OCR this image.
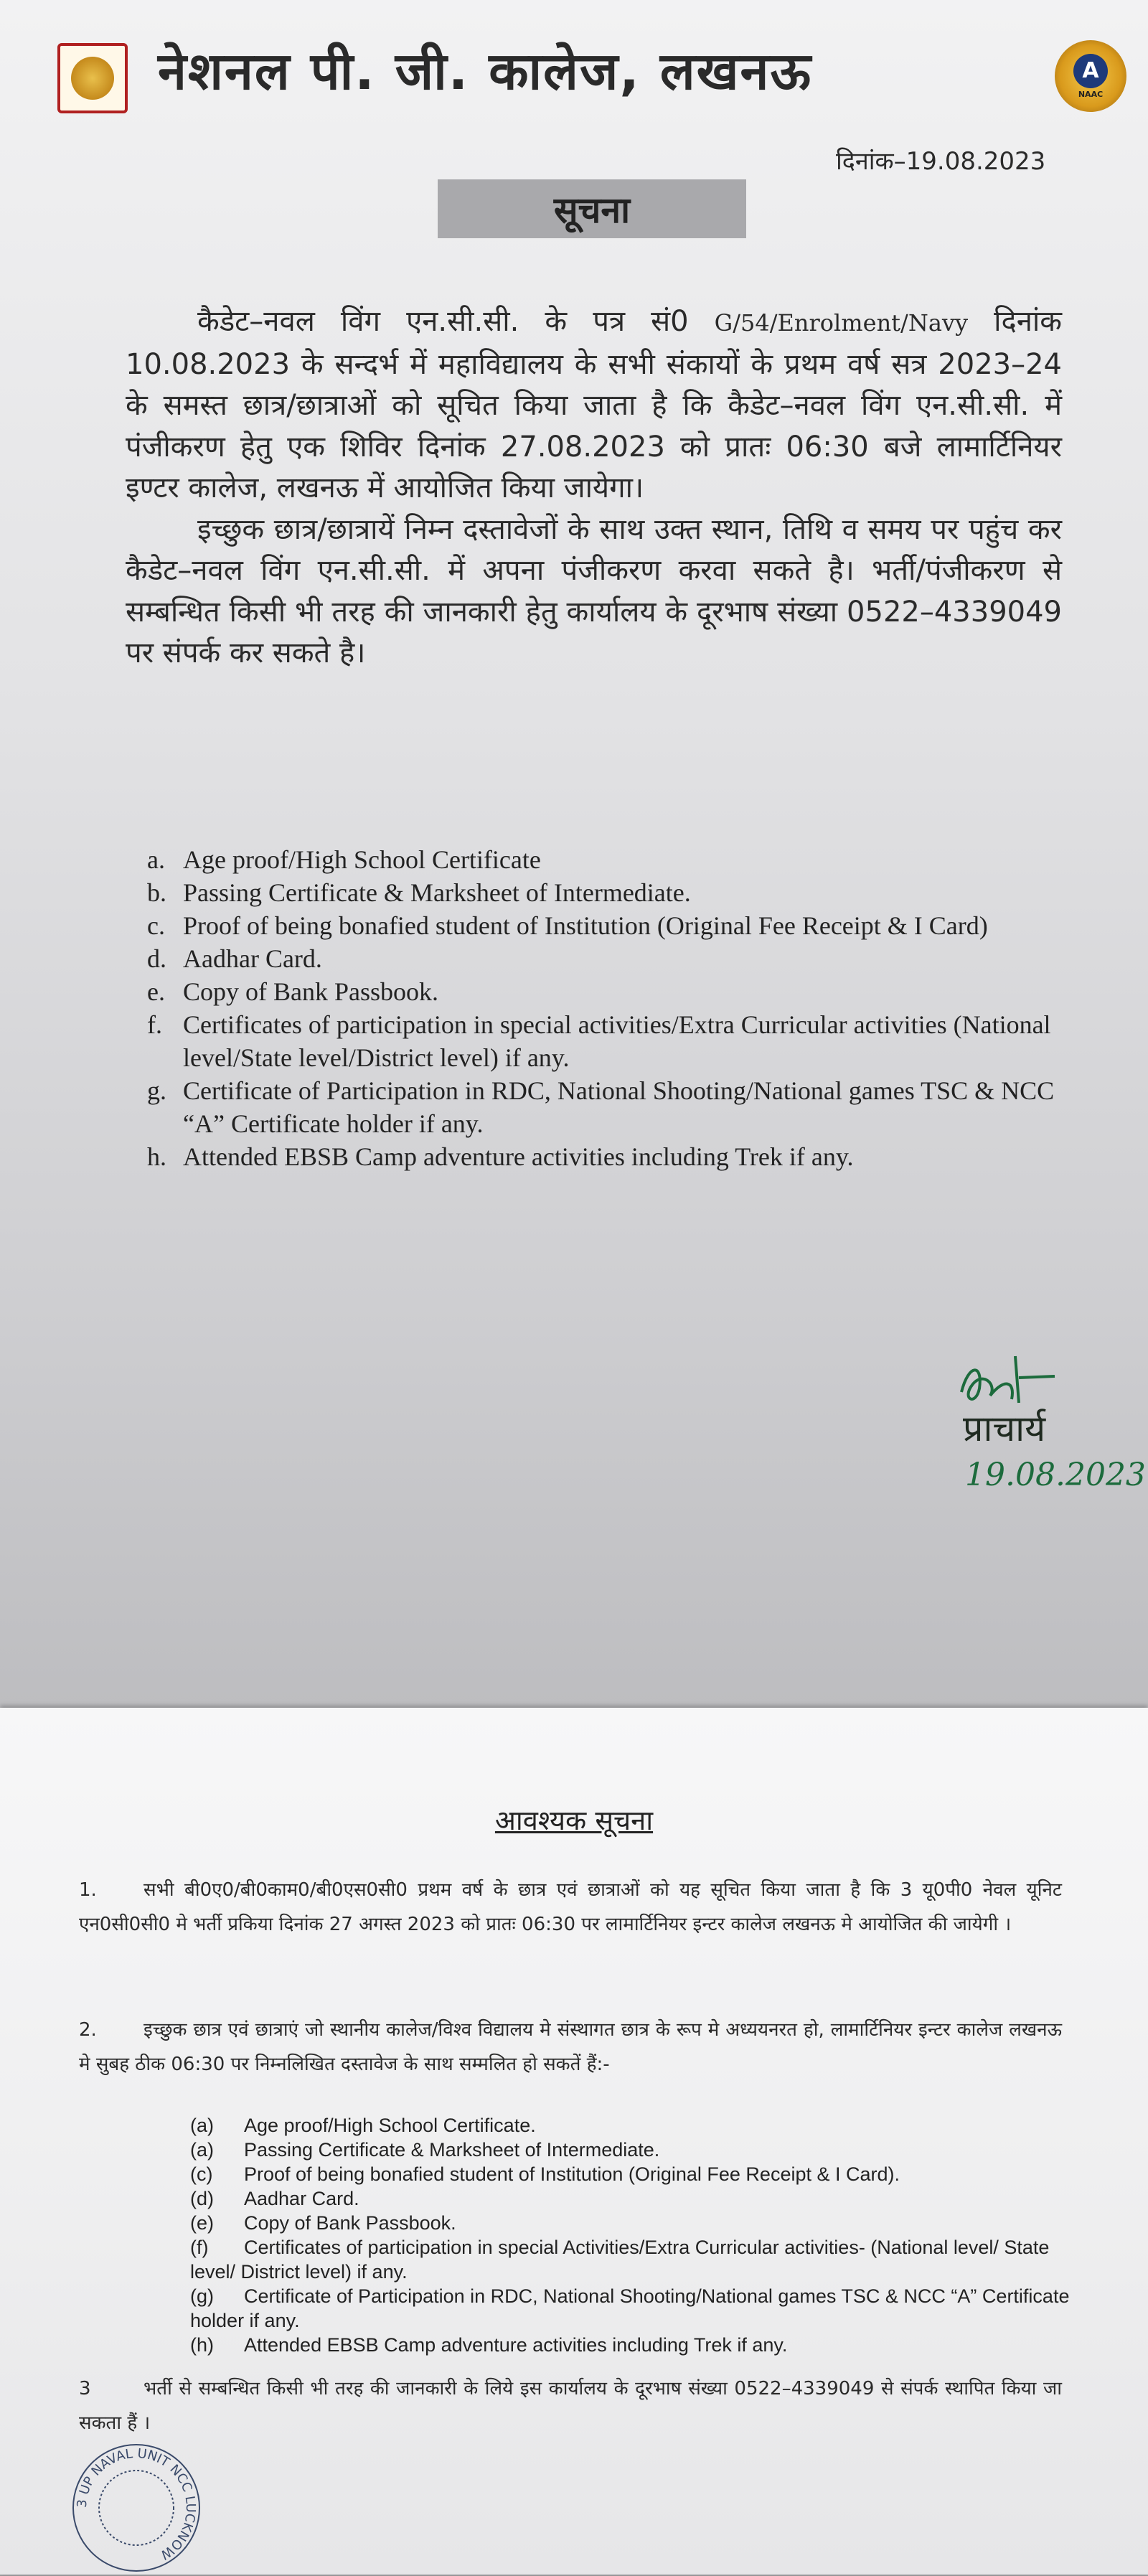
नेशनल पी. जी. कालेज, लखनऊ	A
NAAC
दिनांक–19.08.2023
सूचना

कैडेट–नवल विंग एन.सी.सी. के पत्र सं0 G/54/Enrolment/Navy दिनांक 10.08.2023 के सन्दर्भ में महाविद्यालय के सभी संकायों के प्रथम वर्ष सत्र 2023–24 के समस्त छात्र/छात्राओं को सूचित किया जाता है कि कैडेट–नवल विंग एन.सी.सी. में पंजीकरण हेतु एक शिविर दिनांक 27.08.2023 को प्रातः 06:30 बजे लामार्टिनियर इण्टर कालेज, लखनऊ में आयोजित किया जायेगा।

इच्छुक छात्र/छात्रायें निम्न दस्तावेजों के साथ उक्त स्थान, तिथि व समय पर पहुंच कर कैडेट–नवल विंग एन.सी.सी. में अपना पंजीकरण करवा सकते है। भर्ती/पंजीकरण से सम्बन्धित किसी भी तरह की जानकारी हेतु कार्यालय के दूरभाष संख्या 0522–4339049 पर संपर्क कर सकते है।

a. Age proof/High School Certificate
b. Passing Certificate & Marksheet of Intermediate.
c. Proof of being bonafied student of Institution (Original Fee Receipt & I Card)
d. Aadhar Card.
e. Copy of Bank Passbook.
f. Certificates of participation in special activities/Extra Curricular activities (National level/State level/District level) if any.
g. Certificate of Participation in RDC, National Shooting/National games TSC & NCC “A” Certificate holder if any.
h. Attended EBSB Camp adventure activities including Trek if any.
प्राचार्य
19.08.2023
आवश्यक सूचना
1.	सभी बी0ए0/बी0काम0/बी0एस0सी0 प्रथम वर्ष के छात्र एवं छात्राओं को यह सूचित किया जाता है कि 3 यू0पी0 नेवल यूनिट एन0सी0सी0 मे भर्ती प्रकिया दिनांक 27 अगस्त 2023 को प्रातः 06:30 पर लामार्टिनियर इन्टर कालेज लखनऊ मे आयोजित की जायेगी ।
2.	इच्छुक छात्र एवं छात्राएं जो स्थानीय कालेज/विश्व विद्यालय मे संस्थागत छात्र के रूप मे अध्ययनरत हो, लामार्टिनियर इन्टर कालेज लखनऊ मे सुबह ठीक 06:30 पर निम्नलिखित दस्तावेज के साथ सम्मलित हो सकतें हैं:-
(a) Age proof/High School Certificate.
(a) Passing Certificate & Marksheet of Intermediate.
(c) Proof of being bonafied student of Institution (Original Fee Receipt & I Card).
(d) Aadhar Card.
(e) Copy of Bank Passbook.
(f) Certificates of participation in special Activities/Extra Curricular activities- (National level/ State level/ District level) if any.
(g) Certificate of Participation in RDC, National Shooting/National games TSC & NCC “A” Certificate holder if any.
(h) Attended EBSB Camp adventure activities including Trek if any.
3	भर्ती से सम्बन्धित किसी भी तरह की जानकारी के लिये इस कार्यालय के दूरभाष संख्या 0522–4339049 से संपर्क स्थापित किया जा सकता हैं ।
3 UP NAVAL UNIT NCC LUCKNOW
